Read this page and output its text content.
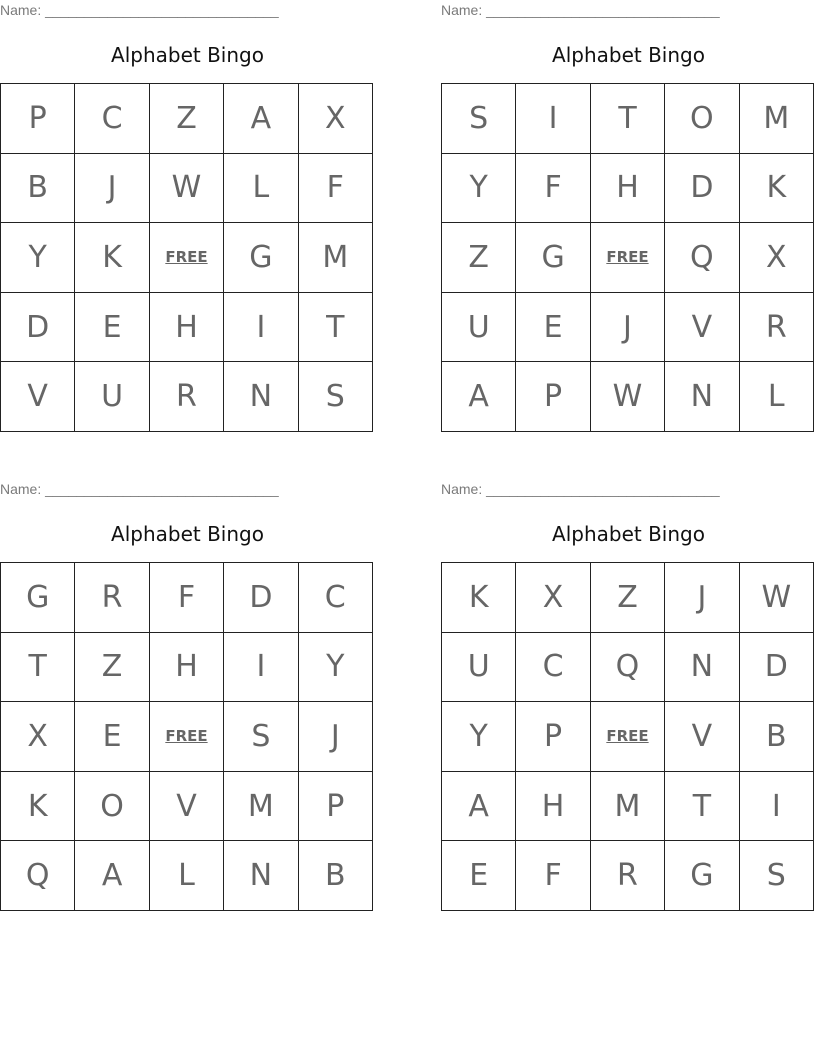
Name: ______________________________
Alphabet Bingo
P	C	Z	A	X
B	J	W	L	F
Y	K	FREE	G	M
D	E	H	I	T
V	U	R	N	S
Name: ______________________________
Alphabet Bingo
S	I	T	O	M
Y	F	H	D	K
Z	G	FREE	Q	X
U	E	J	V	R
A	P	W	N	L
Name: ______________________________
Alphabet Bingo
G	R	F	D	C
T	Z	H	I	Y
X	E	FREE	S	J
K	O	V	M	P
Q	A	L	N	B
Name: ______________________________
Alphabet Bingo
K	X	Z	J	W
U	C	Q	N	D
Y	P	FREE	V	B
A	H	M	T	I
E	F	R	G	S
